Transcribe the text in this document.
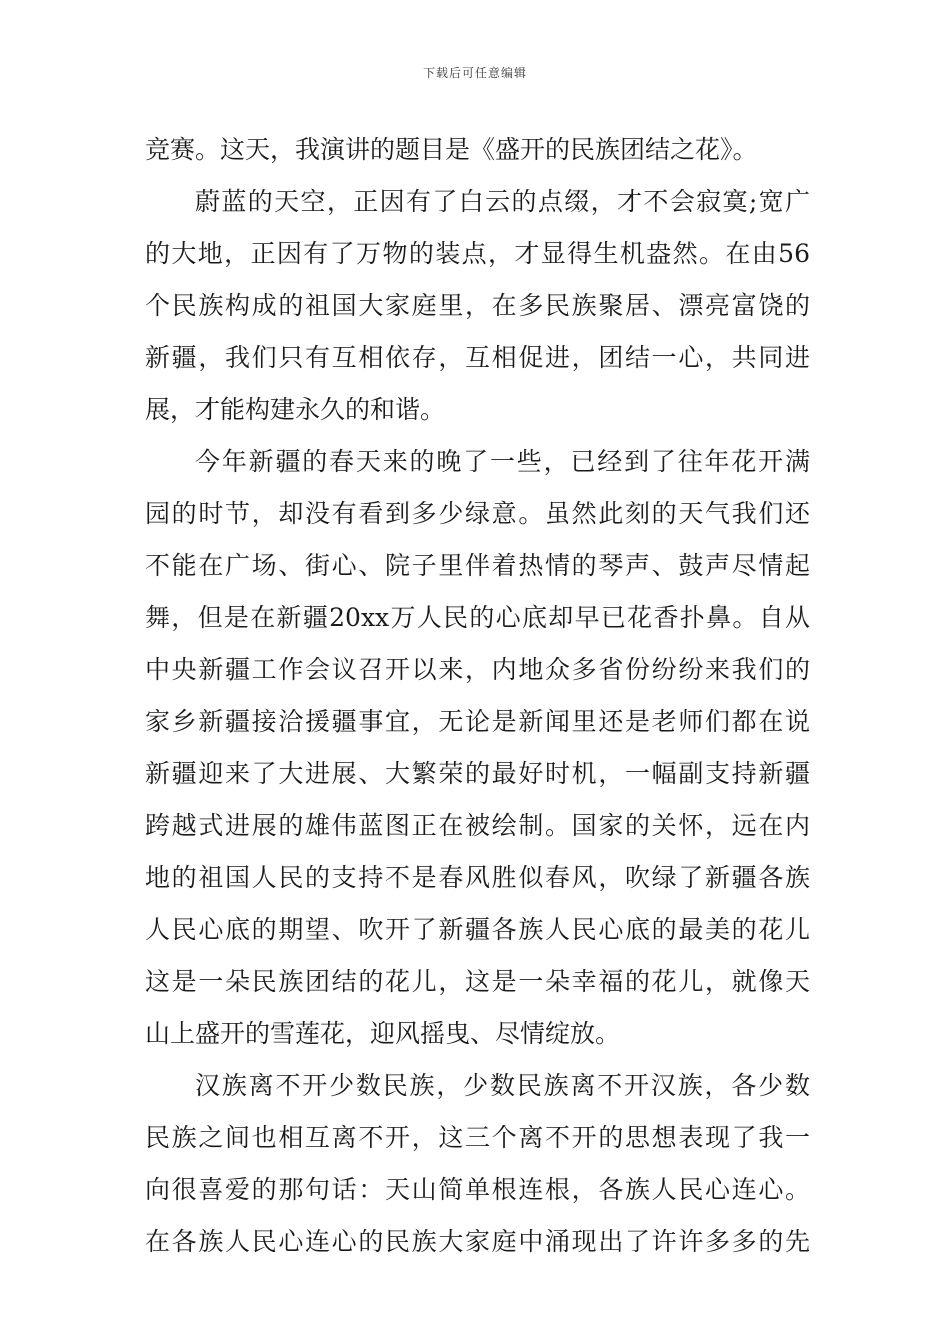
下载后可任意编辑
竞赛。这天，我演讲的题目是《盛开的民族团结之花》。
蔚蓝的天空，正因有了白云的点缀，才不会寂寞;宽广
的大地，正因有了万物的装点，才显得生机盎然。在由56
个民族构成的祖国大家庭里，在多民族聚居、漂亮富饶的
新疆，我们只有互相依存，互相促进，团结一心，共同进
展，才能构建永久的和谐。
今年新疆的春天来的晚了一些，已经到了往年花开满
园的时节，却没有看到多少绿意。虽然此刻的天气我们还
不能在广场、街心、院子里伴着热情的琴声、鼓声尽情起
舞，但是在新疆20xx万人民的心底却早已花香扑鼻。自从
中央新疆工作会议召开以来，内地众多省份纷纷来我们的
家乡新疆接洽援疆事宜，无论是新闻里还是老师们都在说
新疆迎来了大进展、大繁荣的最好时机，一幅副支持新疆
跨越式进展的雄伟蓝图正在被绘制。国家的关怀，远在内
地的祖国人民的支持不是春风胜似春风，吹绿了新疆各族
人民心底的期望、吹开了新疆各族人民心底的最美的花儿
这是一朵民族团结的花儿，这是一朵幸福的花儿，就像天
山上盛开的雪莲花，迎风摇曳、尽情绽放。
汉族离不开少数民族，少数民族离不开汉族，各少数
民族之间也相互离不开，这三个离不开的思想表现了我一
向很喜爱的那句话：天山简单根连根，各族人民心连心。
在各族人民心连心的民族大家庭中涌现出了许许多多的先
